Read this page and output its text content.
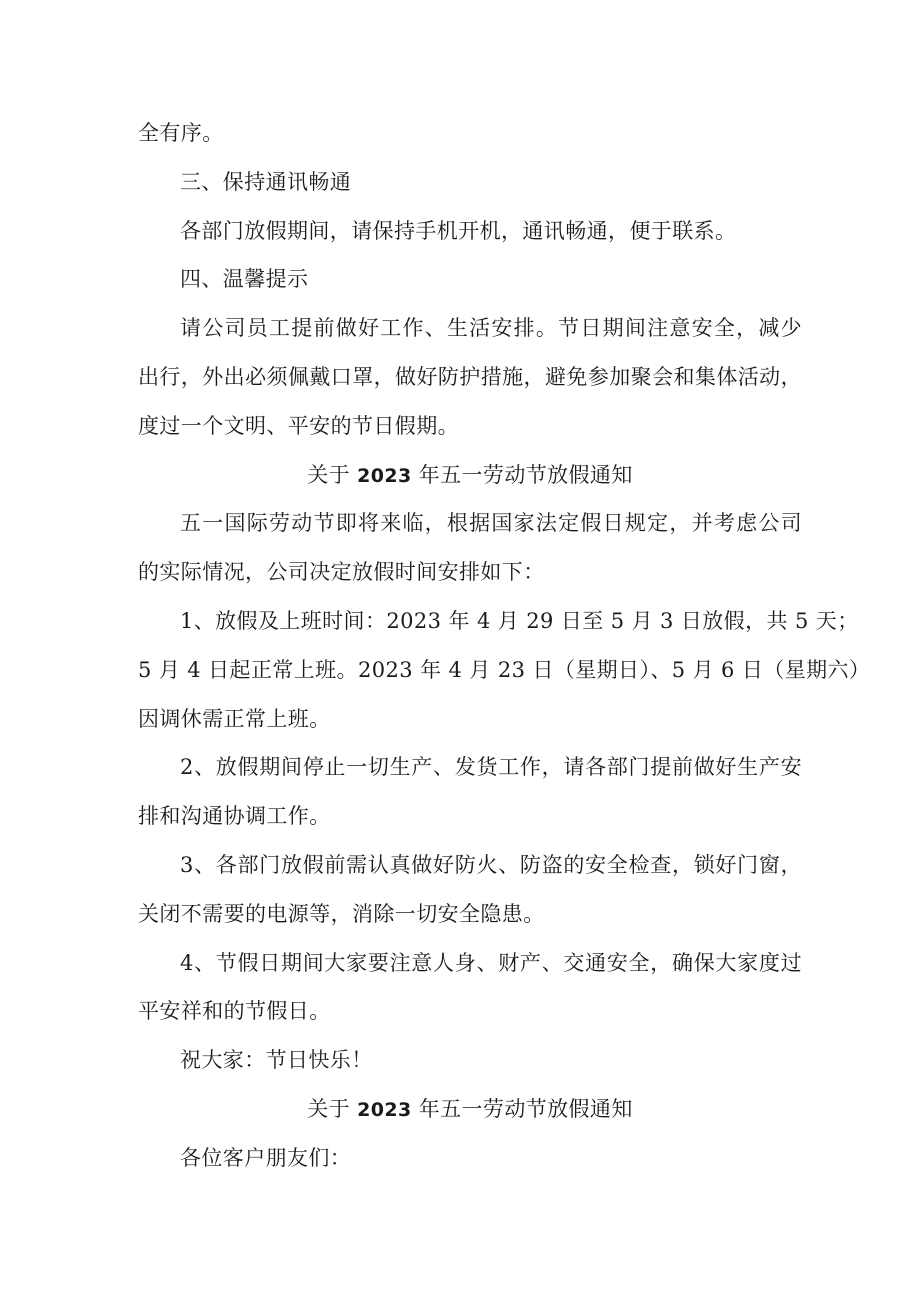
全有序。
三、保持通讯畅通
各部门放假期间，请保持手机开机，通讯畅通，便于联系。
四、温馨提示
请公司员工提前做好工作、生活安排。节日期间注意安全，减少
出行，外出必须佩戴口罩，做好防护措施，避免参加聚会和集体活动，
度过一个文明、平安的节日假期。
关于 2023 年五一劳动节放假通知
五一国际劳动节即将来临，根据国家法定假日规定，并考虑公司
的实际情况，公司决定放假时间安排如下：
1、放假及上班时间：2023 年 4 月 29 日至 5 月 3 日放假，共 5 天；
5 月 4 日起正常上班。2023 年 4 月 23 日（星期日）、5 月 6 日（星期六）
因调休需正常上班。
2、放假期间停止一切生产、发货工作，请各部门提前做好生产安
排和沟通协调工作。
3、各部门放假前需认真做好防火、防盗的安全检查，锁好门窗，
关闭不需要的电源等，消除一切安全隐患。
4、节假日期间大家要注意人身、财产、交通安全，确保大家度过
平安祥和的节假日。
祝大家：节日快乐！
关于 2023 年五一劳动节放假通知
各位客户朋友们：
